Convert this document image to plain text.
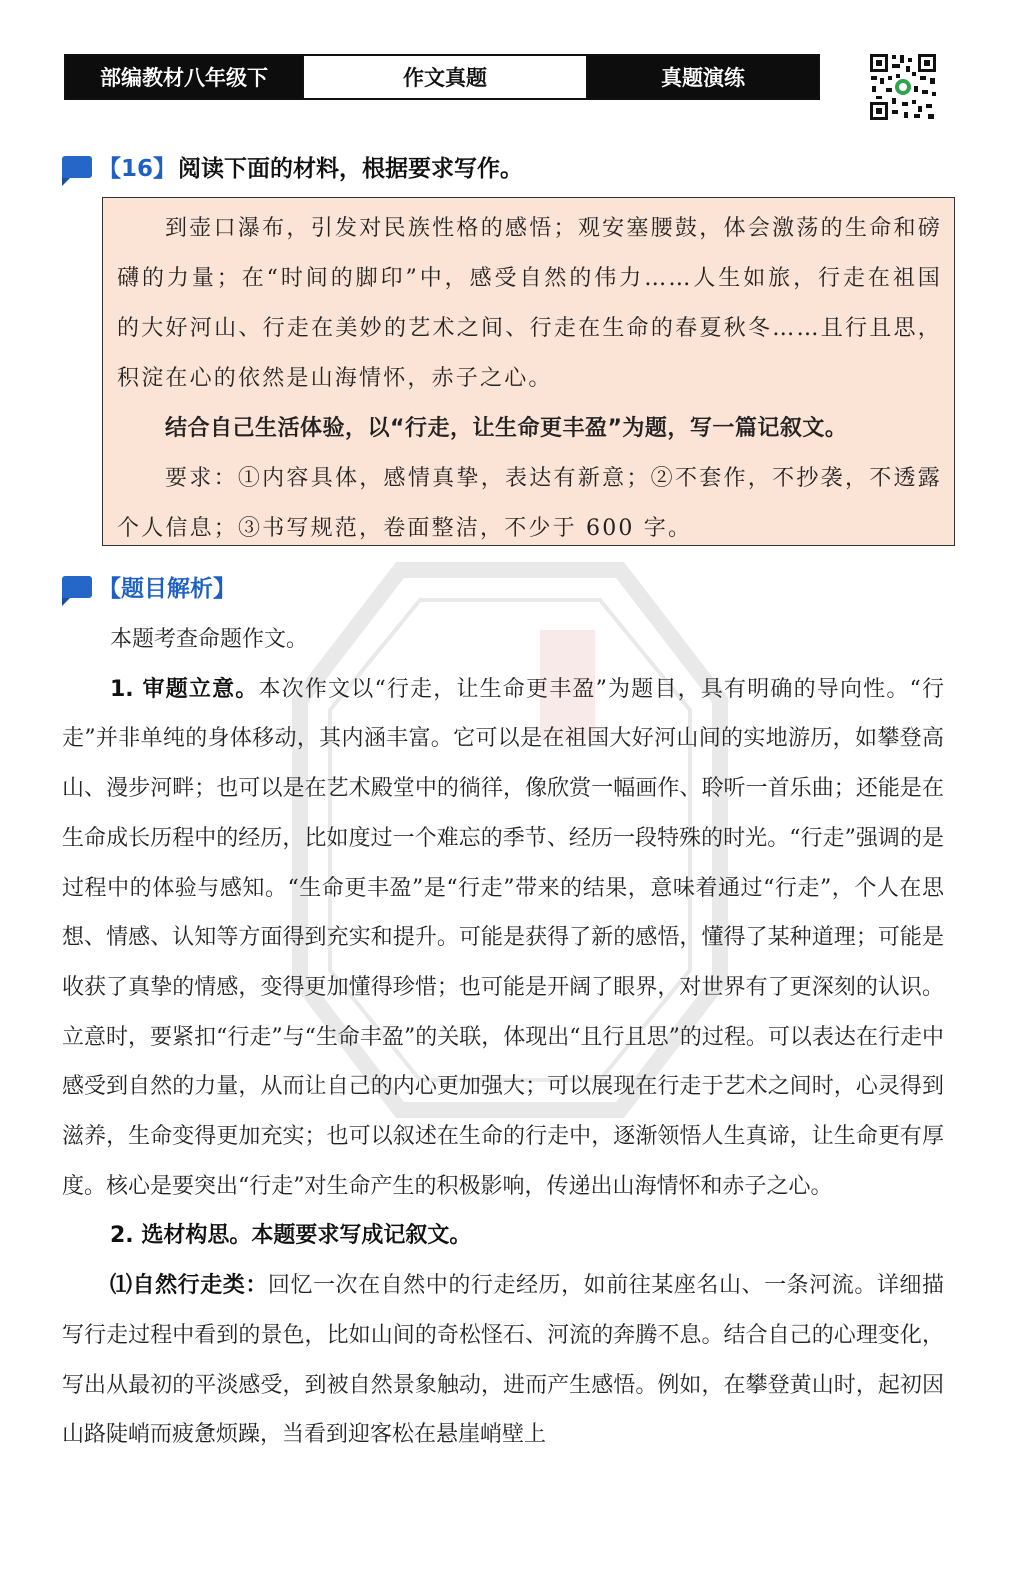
部编教材八年级下	作文真题	真题演练
【16】 阅读下面的材料，根据要求写作。

到壶口瀑布，引发对民族性格的感悟；观安塞腰鼓，体会激荡的生命和磅礴的力量；在“时间的脚印”中，感受自然的伟力……人生如旅，行走在祖国的大好河山、行走在美妙的艺术之间、行走在生命的春夏秋冬……且行且思，积淀在心的依然是山海情怀，赤子之心。

结合自己生活体验，以“行走，让生命更丰盈”为题，写一篇记叙文。

要求：①内容具体，感情真挚，表达有新意；②不套作，不抄袭，不透露个人信息；③书写规范，卷面整洁，不少于 600 字。

【题目解析】

本题考查命题作文。

1. 审题立意。本次作文以“行走，让生命更丰盈”为题目，具有明确的导向性。“行走”并非单纯的身体移动，其内涵丰富。它可以是在祖国大好河山间的实地游历，如攀登高山、漫步河畔；也可以是在艺术殿堂中的徜徉，像欣赏一幅画作、聆听一首乐曲；还能是在生命成长历程中的经历，比如度过一个难忘的季节、经历一段特殊的时光。“行走”强调的是过程中的体验与感知。“生命更丰盈”是“行走”带来的结果，意味着通过“行走”，个人在思想、情感、认知等方面得到充实和提升。可能是获得了新的感悟，懂得了某种道理；可能是收获了真挚的情感，变得更加懂得珍惜；也可能是开阔了眼界，对世界有了更深刻的认识。立意时，要紧扣“行走”与“生命丰盈”的关联，体现出“且行且思”的过程。可以表达在行走中感受到自然的力量，从而让自己的内心更加强大；可以展现在行走于艺术之间时，心灵得到滋养，生命变得更加充实；也可以叙述在生命的行走中，逐渐领悟人生真谛，让生命更有厚度。核心是要突出“行走”对生命产生的积极影响，传递出山海情怀和赤子之心。

2. 选材构思。本题要求写成记叙文。

⑴自然行走类：回忆一次在自然中的行走经历，如前往某座名山、一条河流。详细描写行走过程中看到的景色，比如山间的奇松怪石、河流的奔腾不息。结合自己的心理变化，写出从最初的平淡感受，到被自然景象触动，进而产生感悟。例如，在攀登黄山时，起初因山路陡峭而疲惫烦躁，当看到迎客松在悬崖峭壁上
